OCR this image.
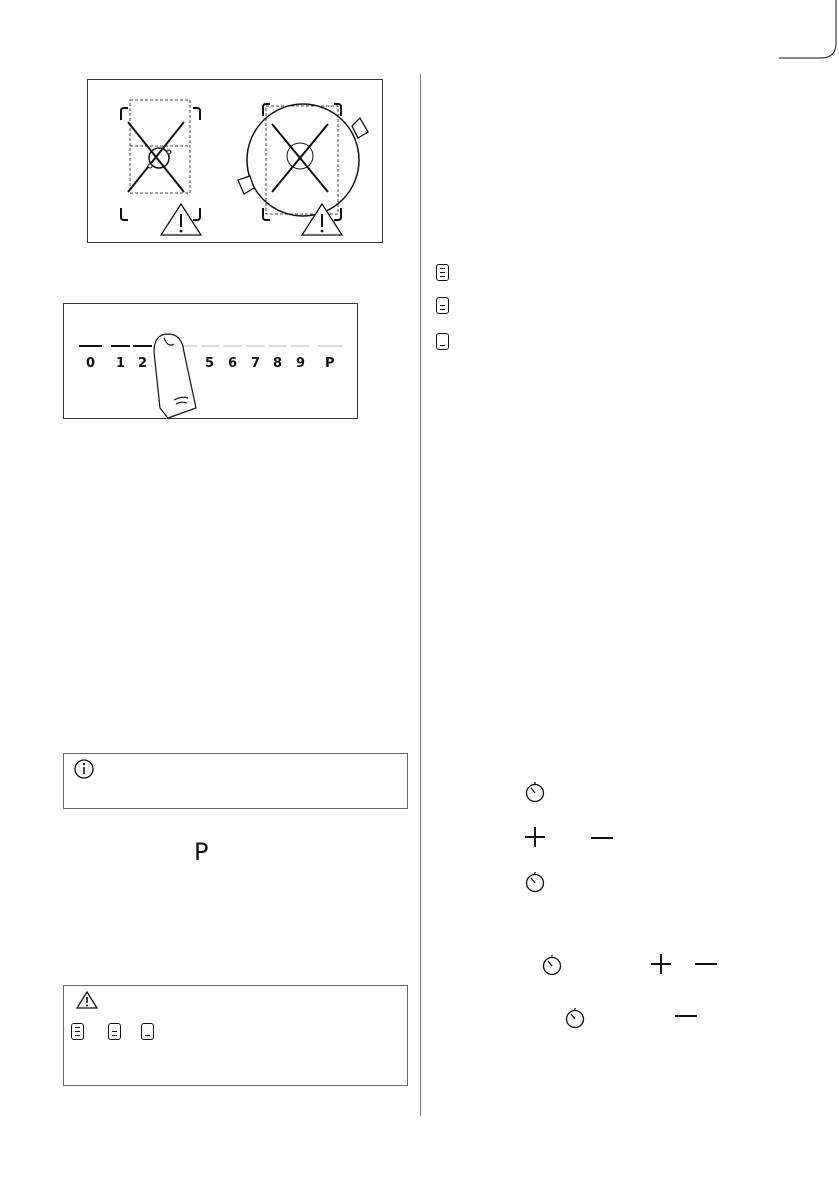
0 1 2	5 6 7 8 9 P
P
